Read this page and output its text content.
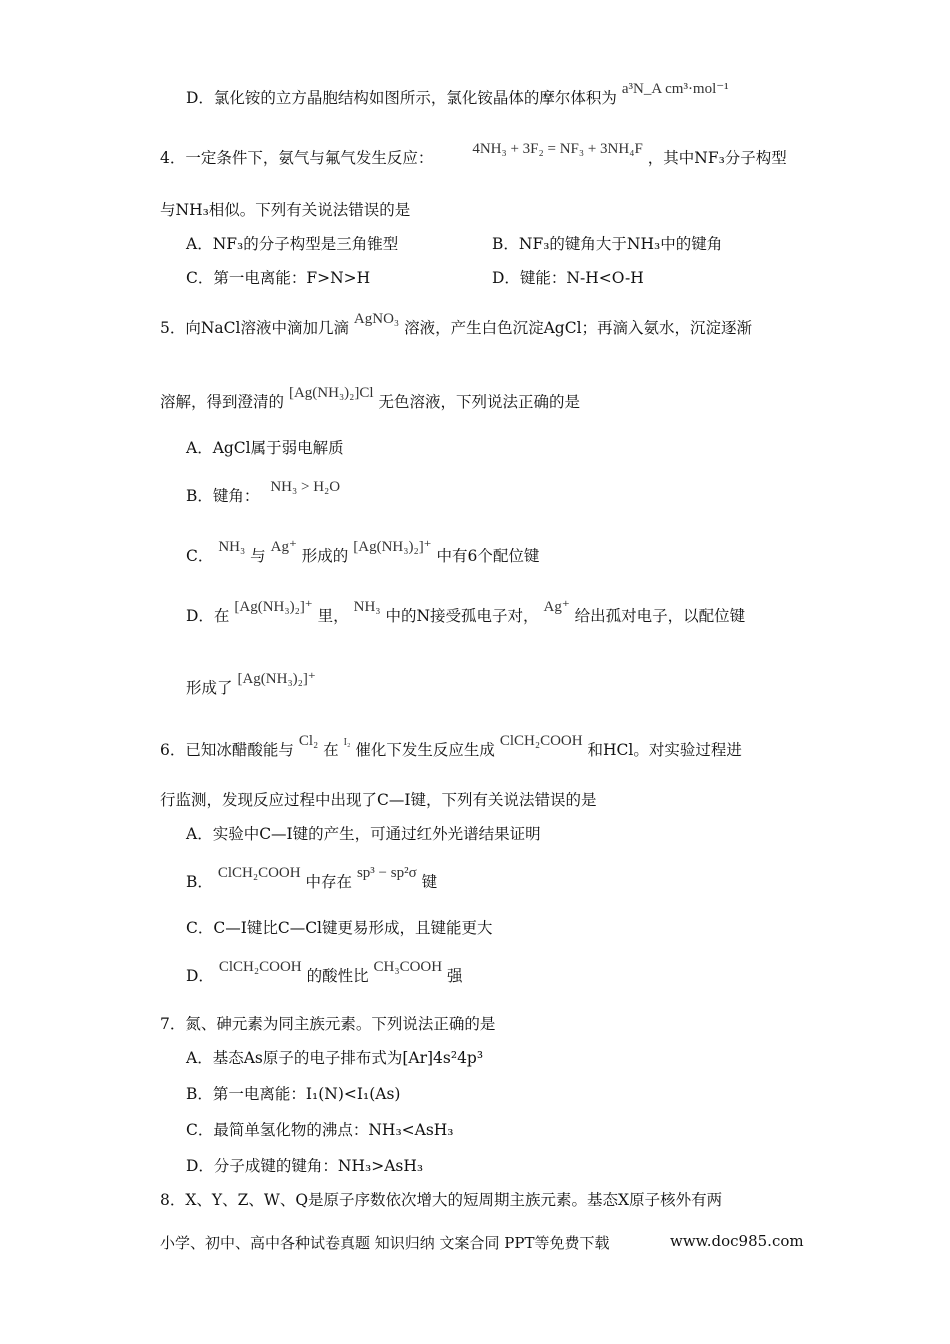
D．氯化铵的立方晶胞结构如图所示，氯化铵晶体的摩尔体积为 a³N_A cm³·mol⁻¹
4．一定条件下，氨气与氟气发生反应：	4NH₃ + 3F₂ = NF₃ + 3NH₄F ，其中NF₃分子构型
与NH₃相似。下列有关说法错误的是
A．NF₃的分子构型是三角锥型	B．NF₃的键角大于NH₃中的键角
C．第一电离能：F>N>H	D．键能：N-H<O-H
5．向NaCl溶液中滴加几滴 AgNO₃ 溶液，产生白色沉淀AgCl；再滴入氨水，沉淀逐渐
溶解，得到澄清的 [Ag(NH₃)₂]Cl 无色溶液，下列说法正确的是
A．AgCl属于弱电解质
B．键角： NH₃ > H₂O
C． NH₃ 与 Ag⁺ 形成的 [Ag(NH₃)₂]⁺ 中有6个配位键
D．在 [Ag(NH₃)₂]⁺ 里， NH₃ 中的N接受孤电子对， Ag⁺ 给出孤对电子，以配位键
形成了 [Ag(NH₃)₂]⁺
6．已知冰醋酸能与 Cl₂ 在 $^{I_2}$ 催化下发生反应生成 ClCH₂COOH 和HCl。对实验过程进
行监测，发现反应过程中出现了C—I键，下列有关说法错误的是
A．实验中C—I键的产生，可通过红外光谱结果证明
B． ClCH₂COOH 中存在 sp³ − sp²σ 键
C．C—I键比C—Cl键更易形成，且键能更大
D． ClCH₂COOH 的酸性比 CH₃COOH 强
7．氮、砷元素为同主族元素。下列说法正确的是
A．基态As原子的电子排布式为[Ar]4s²4p³
B．第一电离能：I₁(N)<I₁(As)
C．最简单氢化物的沸点：NH₃<AsH₃
D．分子成键的键角：NH₃>AsH₃
8．X、Y、Z、W、Q是原子序数依次增大的短周期主族元素。基态X原子核外有两
小学、初中、高中各种试卷真题 知识归纳 文案合同 PPT等免费下载	www.doc985.com
